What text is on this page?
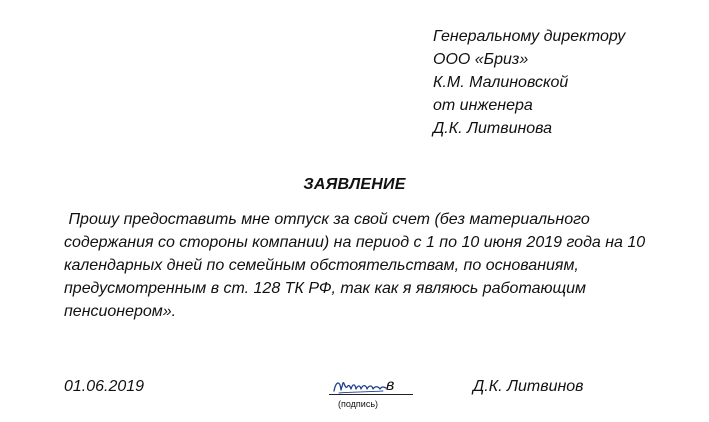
Генеральному директору
ООО «Бриз»
К.М. Малиновской
от инженера
Д.К. Литвинова
ЗАЯВЛЕНИЕ
Прошу предоставить мне отпуск за свой счет (без материального
содержания со стороны компании) на период с 1 по 10 июня 2019 года на 10
календарных дней по семейным обстоятельствам, по основаниям,
предусмотренным в ст. 128 ТК РФ, так как я являюсь работающим
пенсионером».
01.06.2019	в
(подпись)
Д.К. Литвинов
